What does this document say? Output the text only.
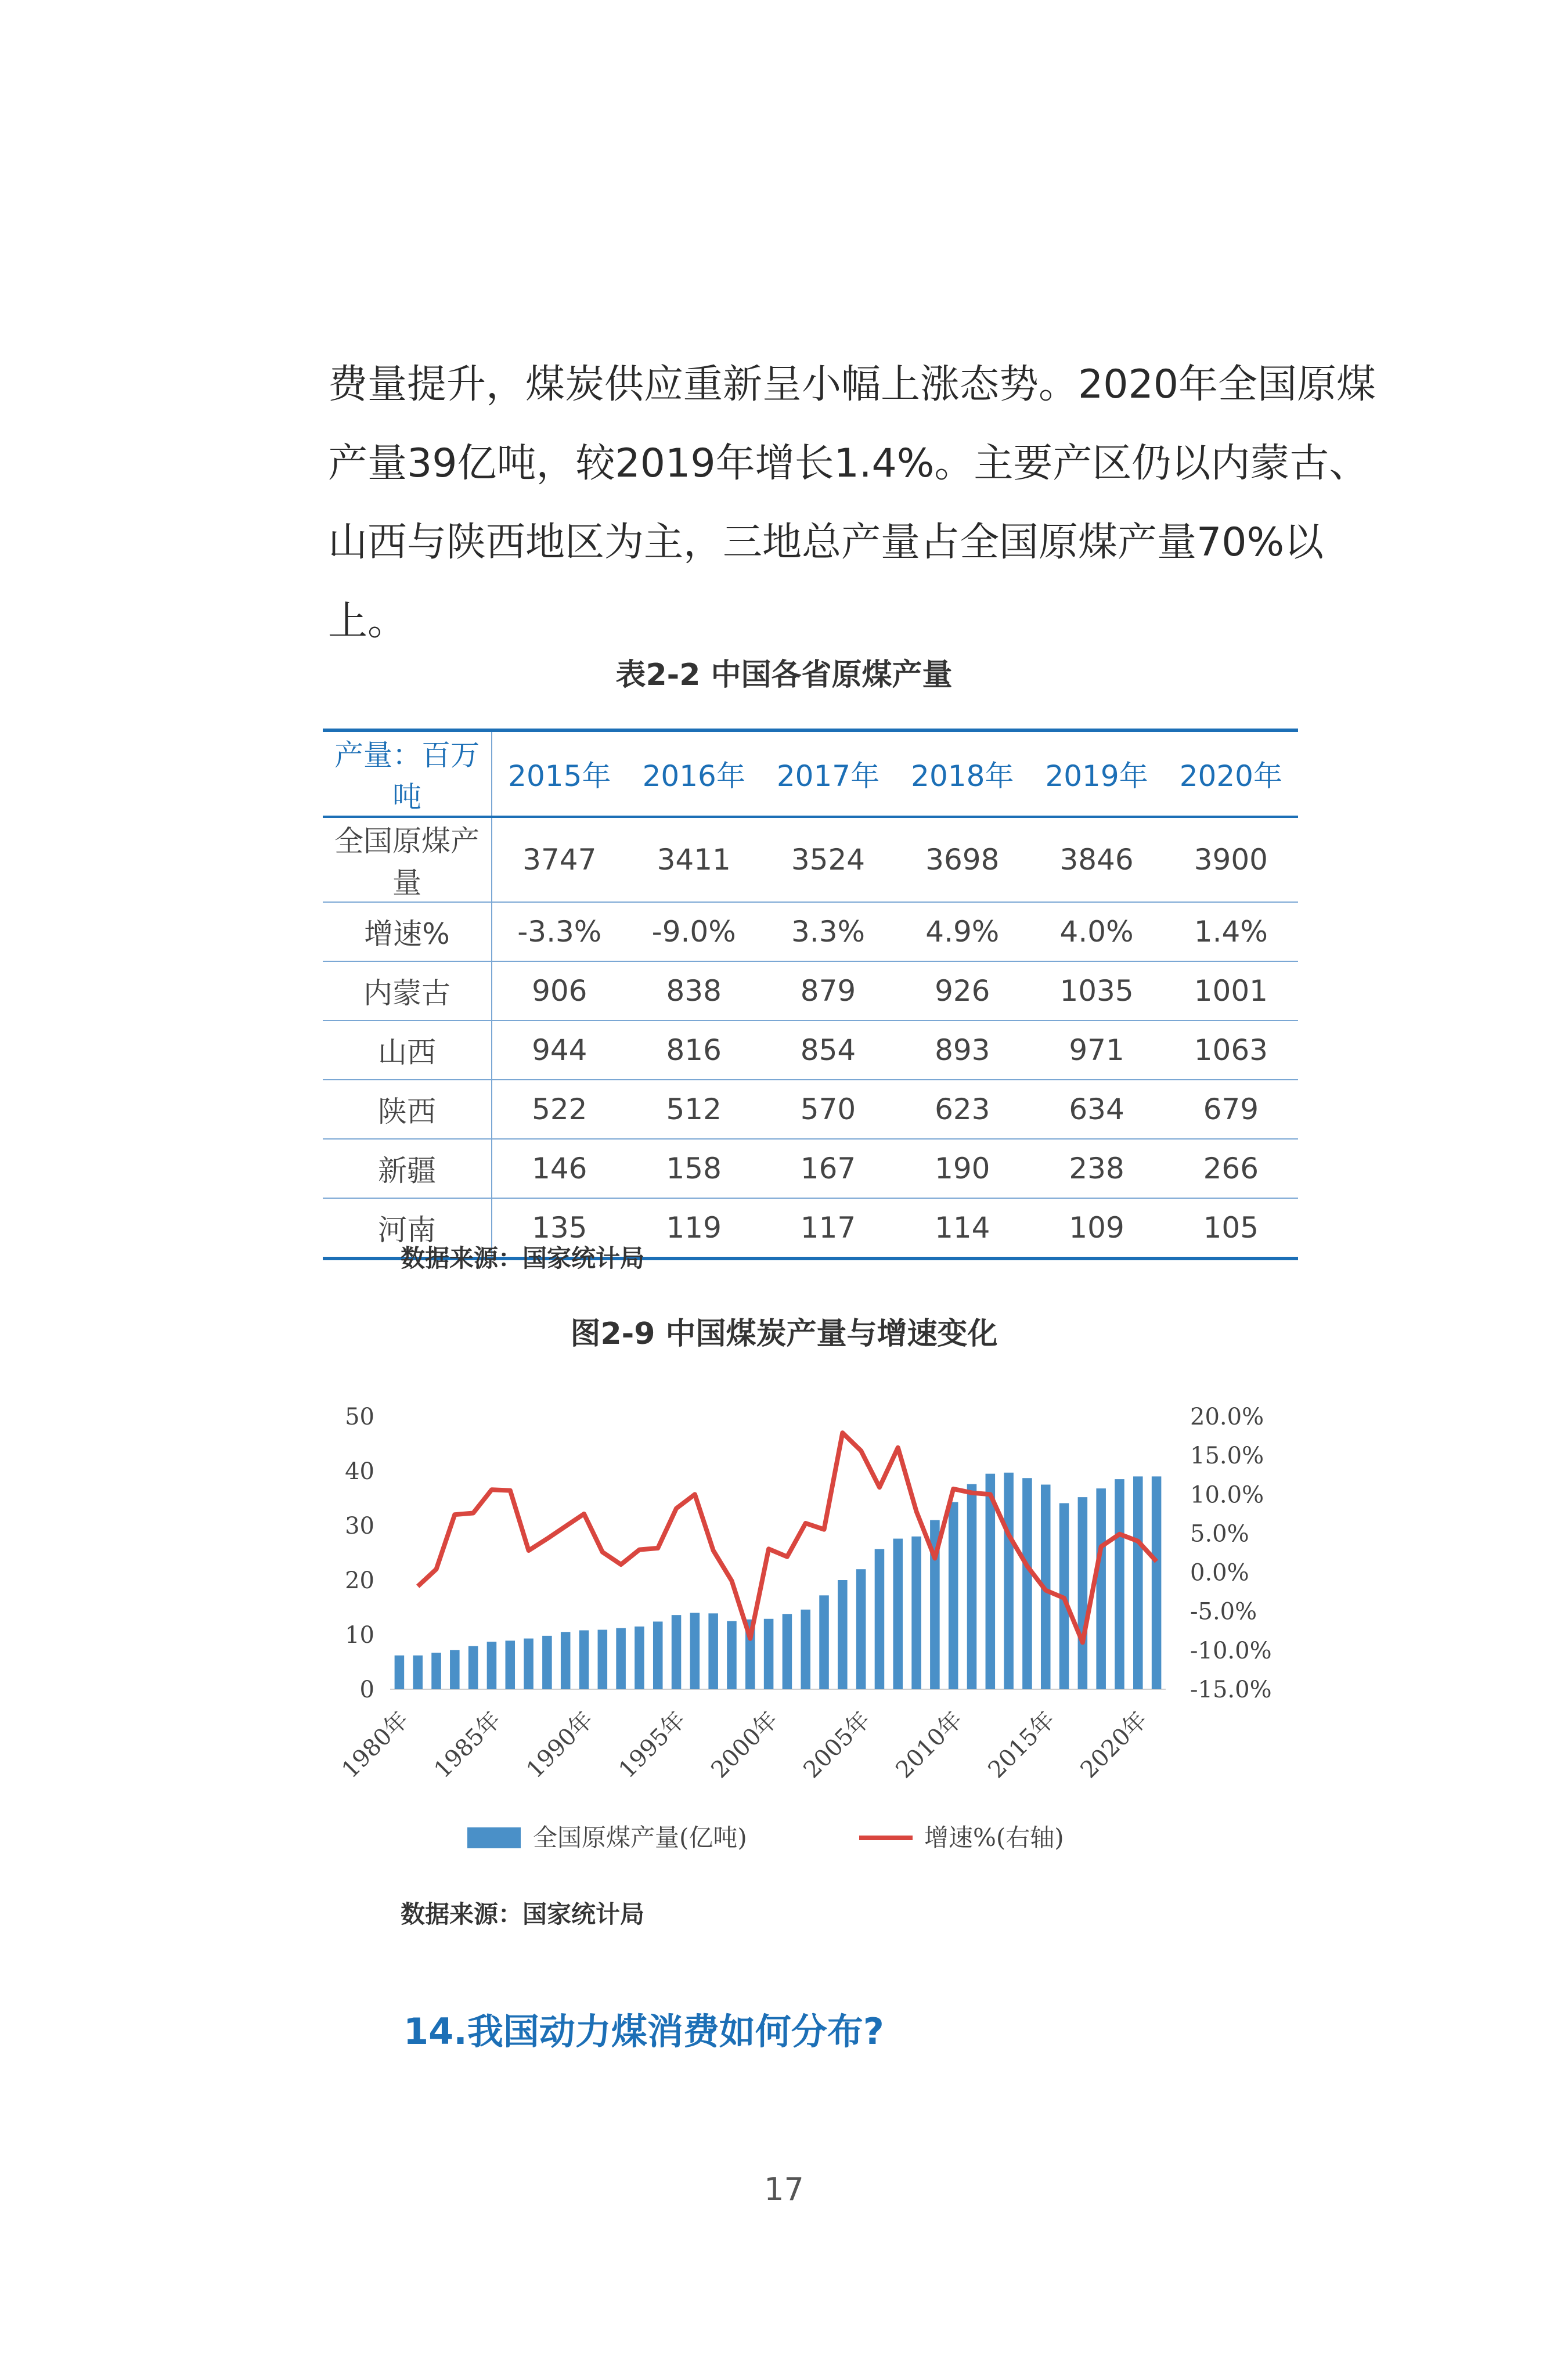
费量提升，煤炭供应重新呈小幅上涨态势。2020年全国原煤
产量39亿吨，较2019年增长1.4%。主要产区仍以内蒙古、
山西与陕西地区为主，三地总产量占全国原煤产量70%以
上。
表2-2 中国各省原煤产量
产量：百万吨	2015年	2016年	2017年	2018年	2019年	2020年
全国原煤产量	3747	3411	3524	3698	3846	3900
增速%	-3.3%	-9.0%	3.3%	4.9%	4.0%	1.4%
内蒙古	906	838	879	926	1035	1001
山西	944	816	854	893	971	1063
陕西	522	512	570	623	634	679
新疆	146	158	167	190	238	266
河南	135	119	117	114	109	105
数据来源：国家统计局
图2-9 中国煤炭产量与增速变化
0
10
20
30
40
50
-15.0%
-10.0%
-5.0%
0.0%
5.0%
10.0%
15.0%
20.0%
1980年 1985年 1990年 1995年 2000年 2005年 2010年 2015年 2020年
全国原煤产量(亿吨)	增速%(右轴)
数据来源：国家统计局
14.我国动力煤消费如何分布?
17
